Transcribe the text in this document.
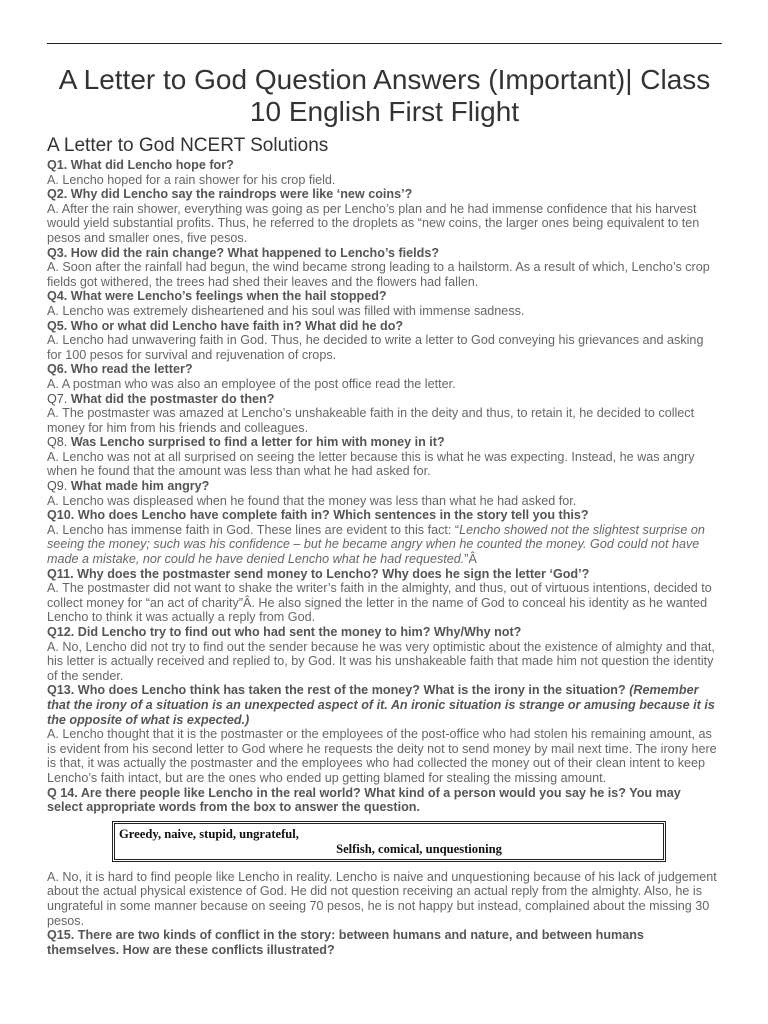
A Letter to God Question Answers (Important)| Class 10 English First Flight
A Letter to God NCERT Solutions

Q1. What did Lencho hope for?

A. Lencho hoped for a rain shower for his crop field.

Q2. Why did Lencho say the raindrops were like ‘new coins’?

A. After the rain shower, everything was going as per Lencho’s plan and he had immense confidence that his harvest would yield substantial profits. Thus, he referred to the droplets as “new coins, the larger ones being equivalent to ten pesos and smaller ones, five pesos.

Q3. How did the rain change? What happened to Lencho’s fields?

A. Soon after the rainfall had begun, the wind became strong leading to a hailstorm. As a result of which, Lencho’s crop fields got withered, the trees had shed their leaves and the flowers had fallen.

Q4. What were Lencho’s feelings when the hail stopped?

A. Lencho was extremely disheartened and his soul was filled with immense sadness.

Q5. Who or what did Lencho have faith in? What did he do?

A. Lencho had unwavering faith in God. Thus, he decided to write a letter to God conveying his grievances and asking for 100 pesos for survival and rejuvenation of crops.

Q6. Who read the letter?

A. A postman who was also an employee of the post office read the letter.

Q7. What did the postmaster do then?

A. The postmaster was amazed at Lencho’s unshakeable faith in the deity and thus, to retain it, he decided to collect money for him from his friends and colleagues.

Q8. Was Lencho surprised to find a letter for him with money in it?

A. Lencho was not at all surprised on seeing the letter because this is what he was expecting. Instead, he was angry when he found that the amount was less than what he had asked for.

Q9. What made him angry?

A. Lencho was displeased when he found that the money was less than what he had asked for.

Q10. Who does Lencho have complete faith in? Which sentences in the story tell you this?

A. Lencho has immense faith in God. These lines are evident to this fact: “Lencho showed not the slightest surprise on seeing the money; such was his confidence – but he became angry when he counted the money. God could not have made a mistake, nor could he have denied Lencho what he had requested.”Â

Q11. Why does the postmaster send money to Lencho? Why does he sign the letter ‘God’?

A. The postmaster did not want to shake the writer’s faith in the almighty, and thus, out of virtuous intentions, decided to collect money for “an act of charity”Â. He also signed the letter in the name of God to conceal his identity as he wanted Lencho to think it was actually a reply from God.

Q12. Did Lencho try to find out who had sent the money to him? Why/Why not?

A. No, Lencho did not try to find out the sender because he was very optimistic about the existence of almighty and that, his letter is actually received and replied to, by God. It was his unshakeable faith that made him not question the identity of the sender.

Q13. Who does Lencho think has taken the rest of the money? What is the irony in the situation? (Remember that the irony of a situation is an unexpected aspect of it. An ironic situation is strange or amusing because it is the opposite of what is expected.)

A. Lencho thought that it is the postmaster or the employees of the post-office who had stolen his remaining amount, as is evident from his second letter to God where he requests the deity not to send money by mail next time. The irony here is that, it was actually the postmaster and the employees who had collected the money out of their clean intent to keep Lencho’s faith intact, but are the ones who ended up getting blamed for stealing the missing amount.

Q 14. Are there people like Lencho in the real world? What kind of a person would you say he is? You may select appropriate words from the box to answer the question.

Greedy, naive, stupid, ungrateful,
Selfish, comical, unquestioning

A. No, it is hard to find people like Lencho in reality. Lencho is naive and unquestioning because of his lack of judgement about the actual physical existence of God. He did not question receiving an actual reply from the almighty. Also, he is ungrateful in some manner because on seeing 70 pesos, he is not happy but instead, complained about the missing 30 pesos.

Q15. There are two kinds of conflict in the story: between humans and nature, and between humans themselves. How are these conflicts illustrated?
